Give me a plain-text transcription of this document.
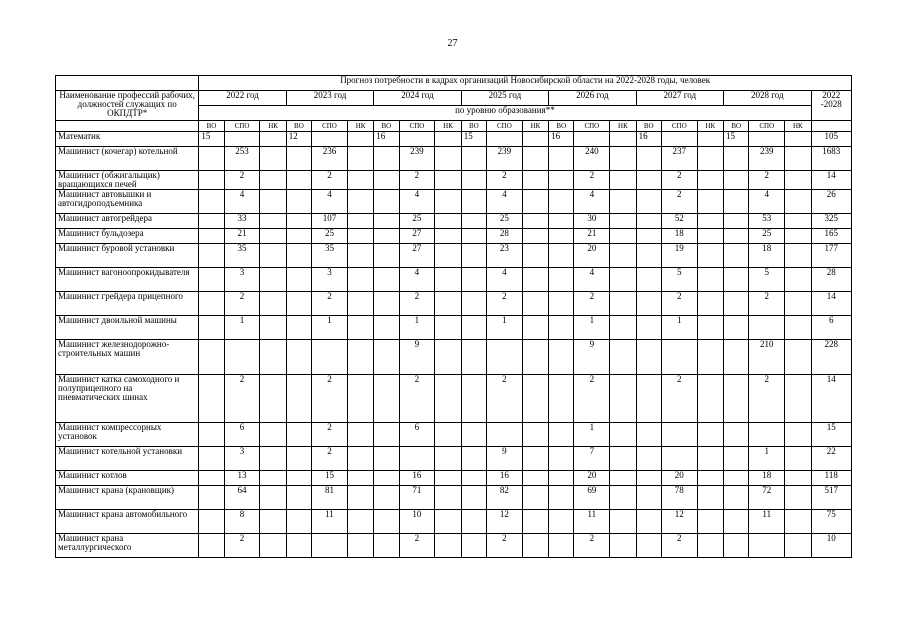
27
	Прогноз потребности в кадрах организаций Новосибирской области на 2022-2028 годы, человек																					
Наименование профессий рабочих, должностей служащих по ОКПДТР*	2022 год			2023 год			2024 год			2025 год			2026 год			2027 год			2028 год			2022 -2028
	по уровню образования**																					
	ВО	СПО	НК	ВО	СПО	НК	ВО	СПО	НК	ВО	СПО	НК	ВО	СПО	НК	ВО	СПО	НК	ВО	СПО	НК	
Математик	15			12			16			15			16			16			15			105
Машинист (кочегар) котельной		253			236			239			239			240			237			239		1683
Машинист (обжигальщик) вращающихся печей		2			2			2			2			2			2			2		14
Машинист автовышки и автогидроподъемника		4			4			4			4			4			2			4		26
Машинист автогрейдера		33			107			25			25			30			52			53		325
Машинист бульдозера		21			25			27			28			21			18			25		165
Машинист буровой установки		35			35			27			23			20			19			18		177
Машинист вагоноопрокидывателя		3			3			4			4			4			5			5		28
Машинист грейдера прицепного		2			2			2			2			2			2			2		14
Машинист двоильной машины		1			1			1			1			1			1					6
Машинист железнодорожно-строительных машин								9						9						210		228
Машинист катка самоходного и полуприцепного на пневматических шинах		2			2			2			2			2			2			2		14
Машинист компрессорных установок		6			2			6						1								15
Машинист котельной установки		3			2						9			7						1		22
Машинист котлов		13			15			16			16			20			20			18		118
Машинист крана (крановщик)		64			81			71			82			69			78			72		517
Машинист крана автомобильного		8			11			10			12			11			12			11		75
Машинист крана металлургического		2						2			2			2			2					10
